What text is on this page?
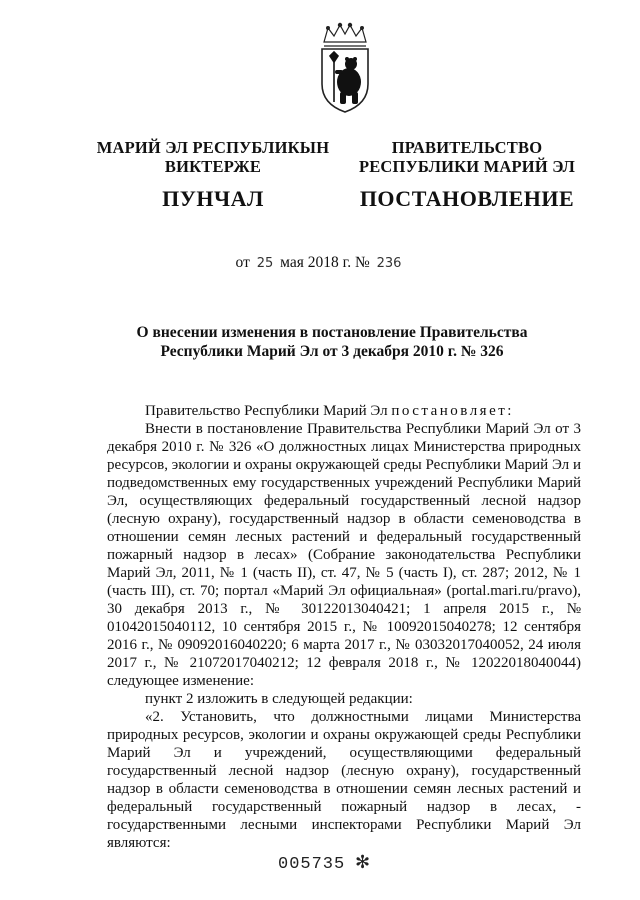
МАРИЙ ЭЛ РЕСПУБЛИКЫН
ВИКТЕРЖЕ
ПУНЧАЛ
ПРАВИТЕЛЬСТВО
РЕСПУБЛИКИ МАРИЙ ЭЛ
ПОСТАНОВЛЕНИЕ
от 25 мая 2018 г. № 236
О внесении изменения в постановление Правительства
Республики Марий Эл от 3 декабря 2010 г. № 326

Правительство Республики Марий Эл постановляет:

Внести в постановление Правительства Республики Марий Эл от 3 декабря 2010 г. № 326 «О должностных лицах Министерства природных ресурсов, экологии и охраны окружающей среды Республики Марий Эл и подведомственных ему государственных учреждений Республики Марий Эл, осуществляющих федеральный государственный лесной надзор (лесную охрану), государственный надзор в области семеноводства в отношении семян лесных растений и федеральный государственный пожарный надзор в лесах» (Собрание законодательства Республики Марий Эл, 2011, № 1 (часть II), ст. 47, № 5 (часть I), ст. 287; 2012, № 1 (часть III), ст. 70; портал «Марий Эл официальная» (portal.mari.ru/pravo), 30 декабря 2013 г., № 30122013040421; 1 апреля 2015 г., № 01042015040112, 10 сентября 2015 г., № 10092015040278; 12 сентября 2016 г., № 09092016040220; 6 марта 2017 г., № 03032017040052, 24 июля 2017 г., № 21072017040212; 12 февраля 2018 г., № 12022018040044) следующее изменение:

пункт 2 изложить в следующей редакции:

«2. Установить, что должностными лицами Министерства природных ресурсов, экологии и охраны окружающей среды Республики Марий Эл и учреждений, осуществляющими федеральный государственный лесной надзор (лесную охрану), государственный надзор в области семеноводства в отношении семян лесных растений и федеральный государственный пожарный надзор в лесах, - государственными лесными инспекторами Республики Марий Эл являются:

005735 ✻
